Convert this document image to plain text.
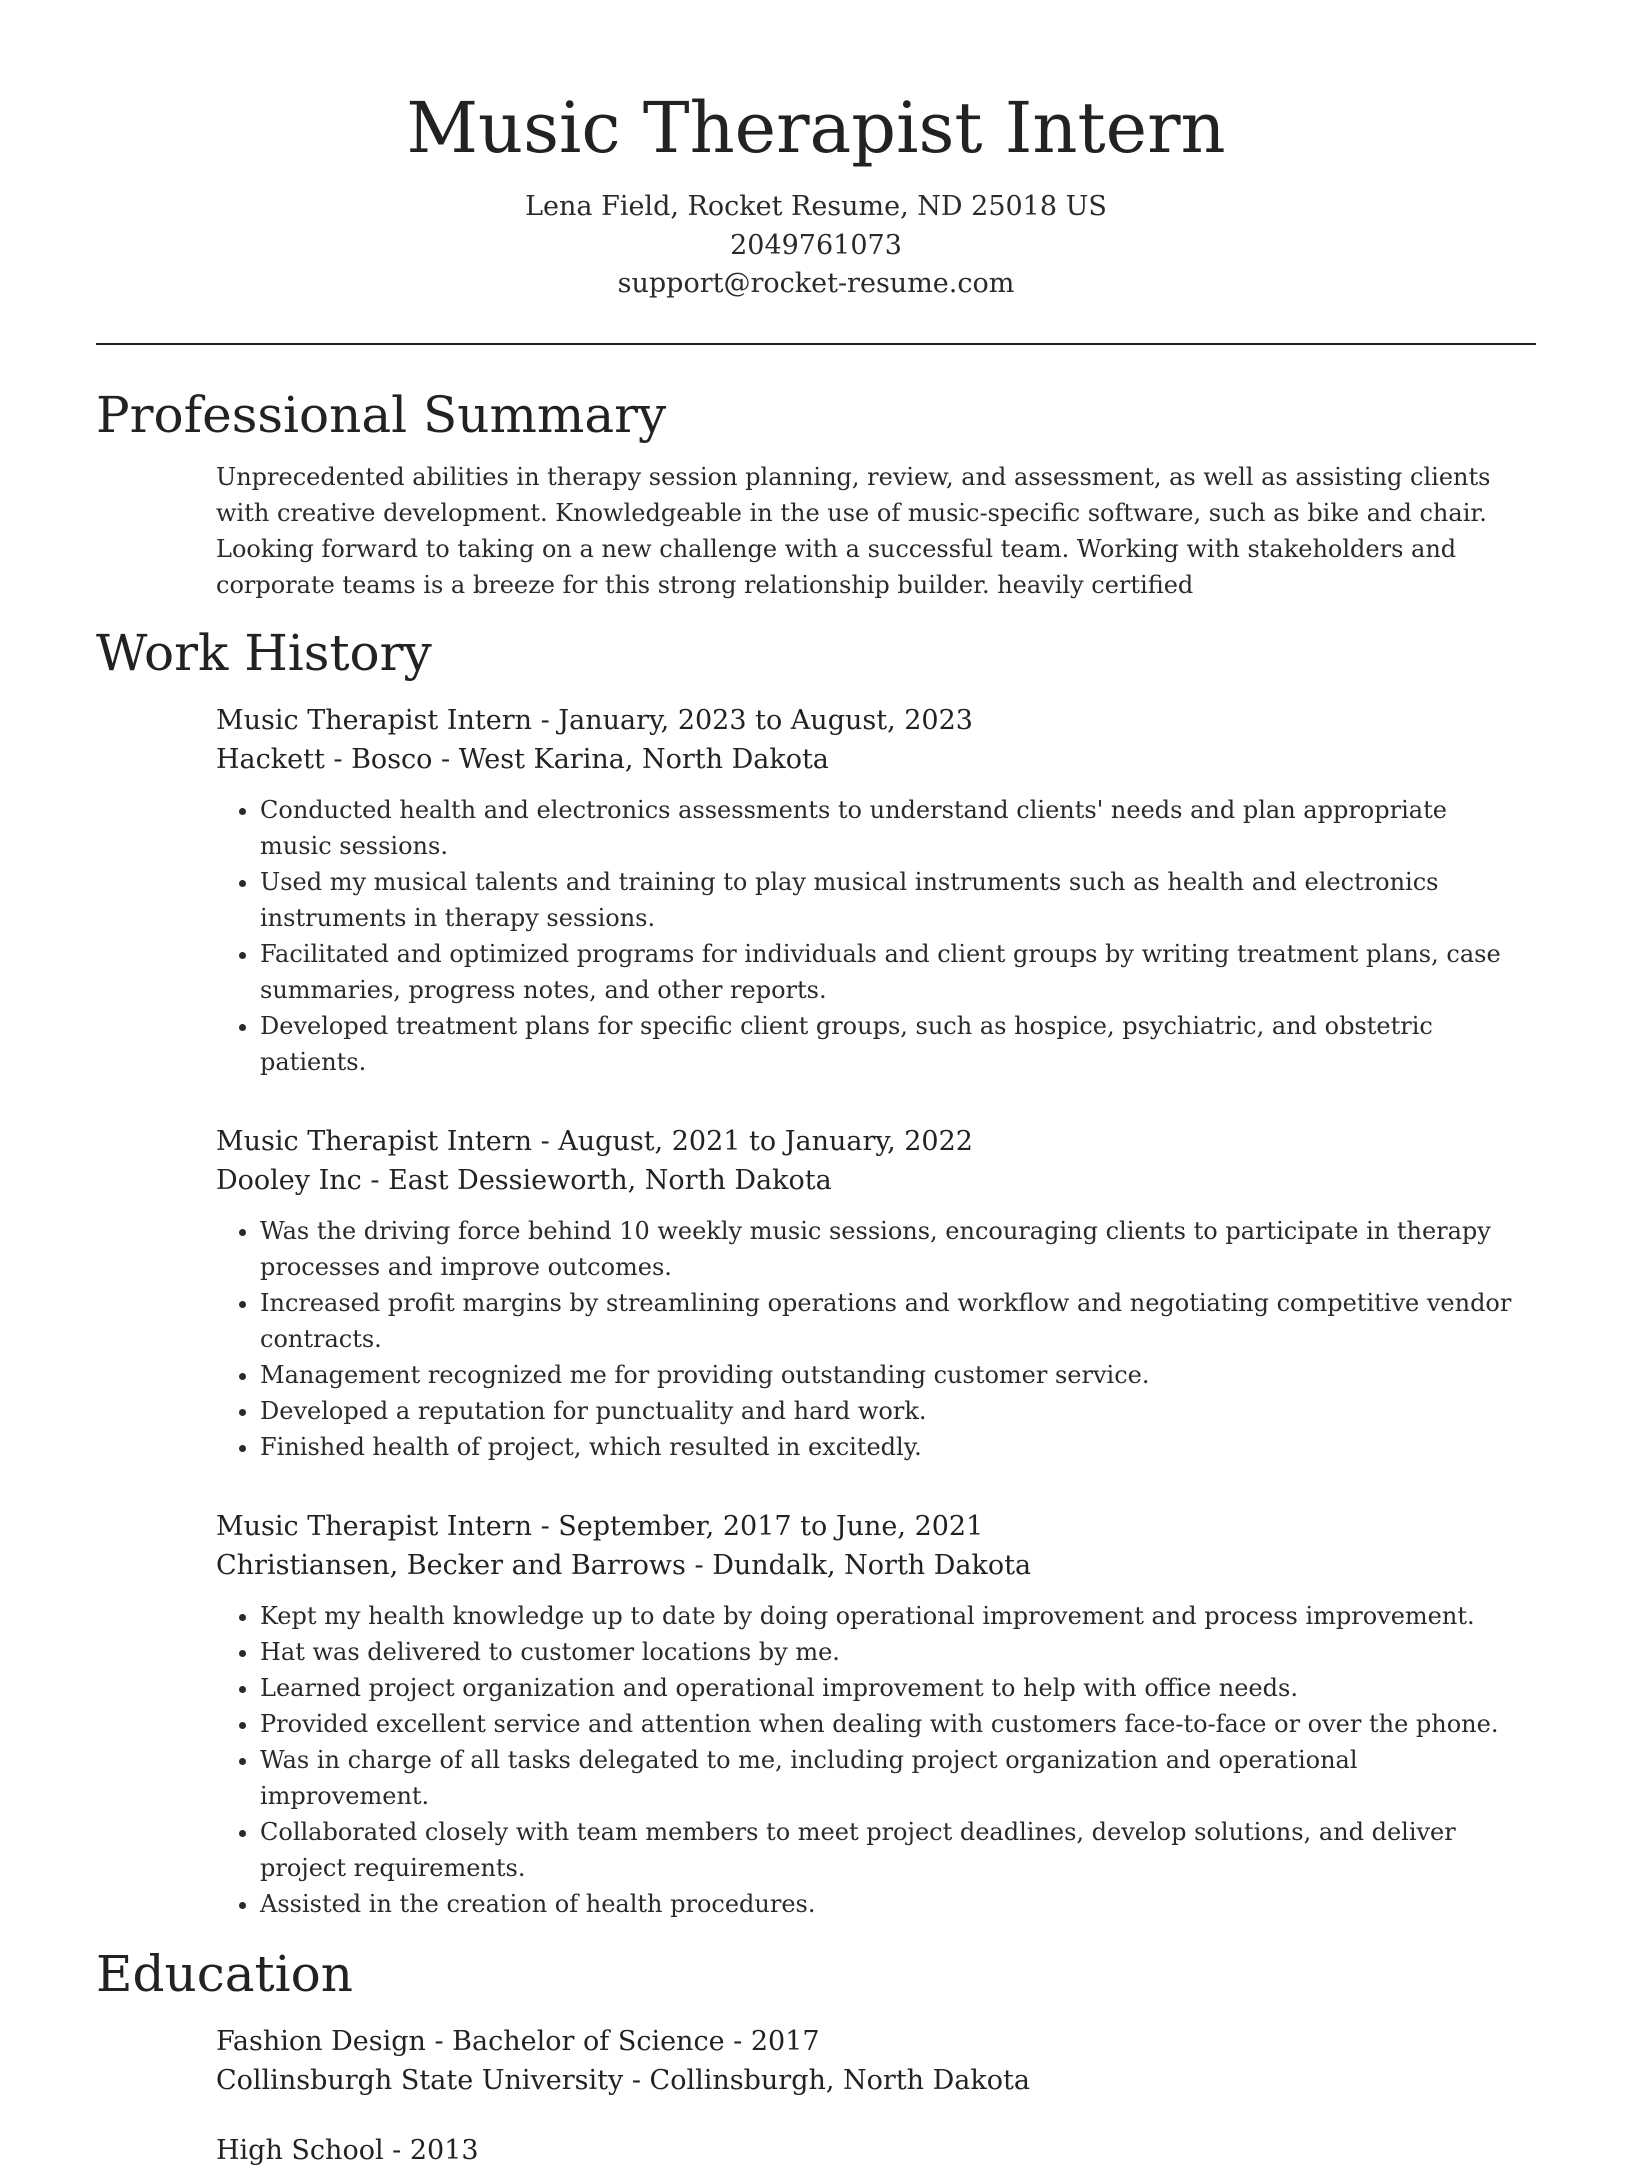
Music Therapist Intern
Lena Field, Rocket Resume, ND 25018 US
2049761073
support@rocket-resume.com
Professional Summary
Unprecedented abilities in therapy session planning, review, and assessment, as well as assisting clients with creative development. Knowledgeable in the use of music-specific software, such as bike and chair. Looking forward to taking on a new challenge with a successful team. Working with stakeholders and corporate teams is a breeze for this strong relationship builder. heavily certified
Work History
Music Therapist Intern - January, 2023 to August, 2023
Hackett - Bosco - West Karina, North Dakota
• Conducted health and electronics assessments to understand clients' needs and plan appropriate music sessions.
• Used my musical talents and training to play musical instruments such as health and electronics instruments in therapy sessions.
• Facilitated and optimized programs for individuals and client groups by writing treatment plans, case summaries, progress notes, and other reports.
• Developed treatment plans for specific client groups, such as hospice, psychiatric, and obstetric patients.
Music Therapist Intern - August, 2021 to January, 2022
Dooley Inc - East Dessieworth, North Dakota
• Was the driving force behind 10 weekly music sessions, encouraging clients to participate in therapy processes and improve outcomes.
• Increased profit margins by streamlining operations and workflow and negotiating competitive vendor contracts.
• Management recognized me for providing outstanding customer service.
• Developed a reputation for punctuality and hard work.
• Finished health of project, which resulted in excitedly.
Music Therapist Intern - September, 2017 to June, 2021
Christiansen, Becker and Barrows - Dundalk, North Dakota
• Kept my health knowledge up to date by doing operational improvement and process improvement.
• Hat was delivered to customer locations by me.
• Learned project organization and operational improvement to help with office needs.
• Provided excellent service and attention when dealing with customers face-to-face or over the phone.
• Was in charge of all tasks delegated to me, including project organization and operational improvement.
• Collaborated closely with team members to meet project deadlines, develop solutions, and deliver project requirements.
• Assisted in the creation of health procedures.
Education
Fashion Design - Bachelor of Science - 2017
Collinsburgh State University - Collinsburgh, North Dakota
High School - 2013
